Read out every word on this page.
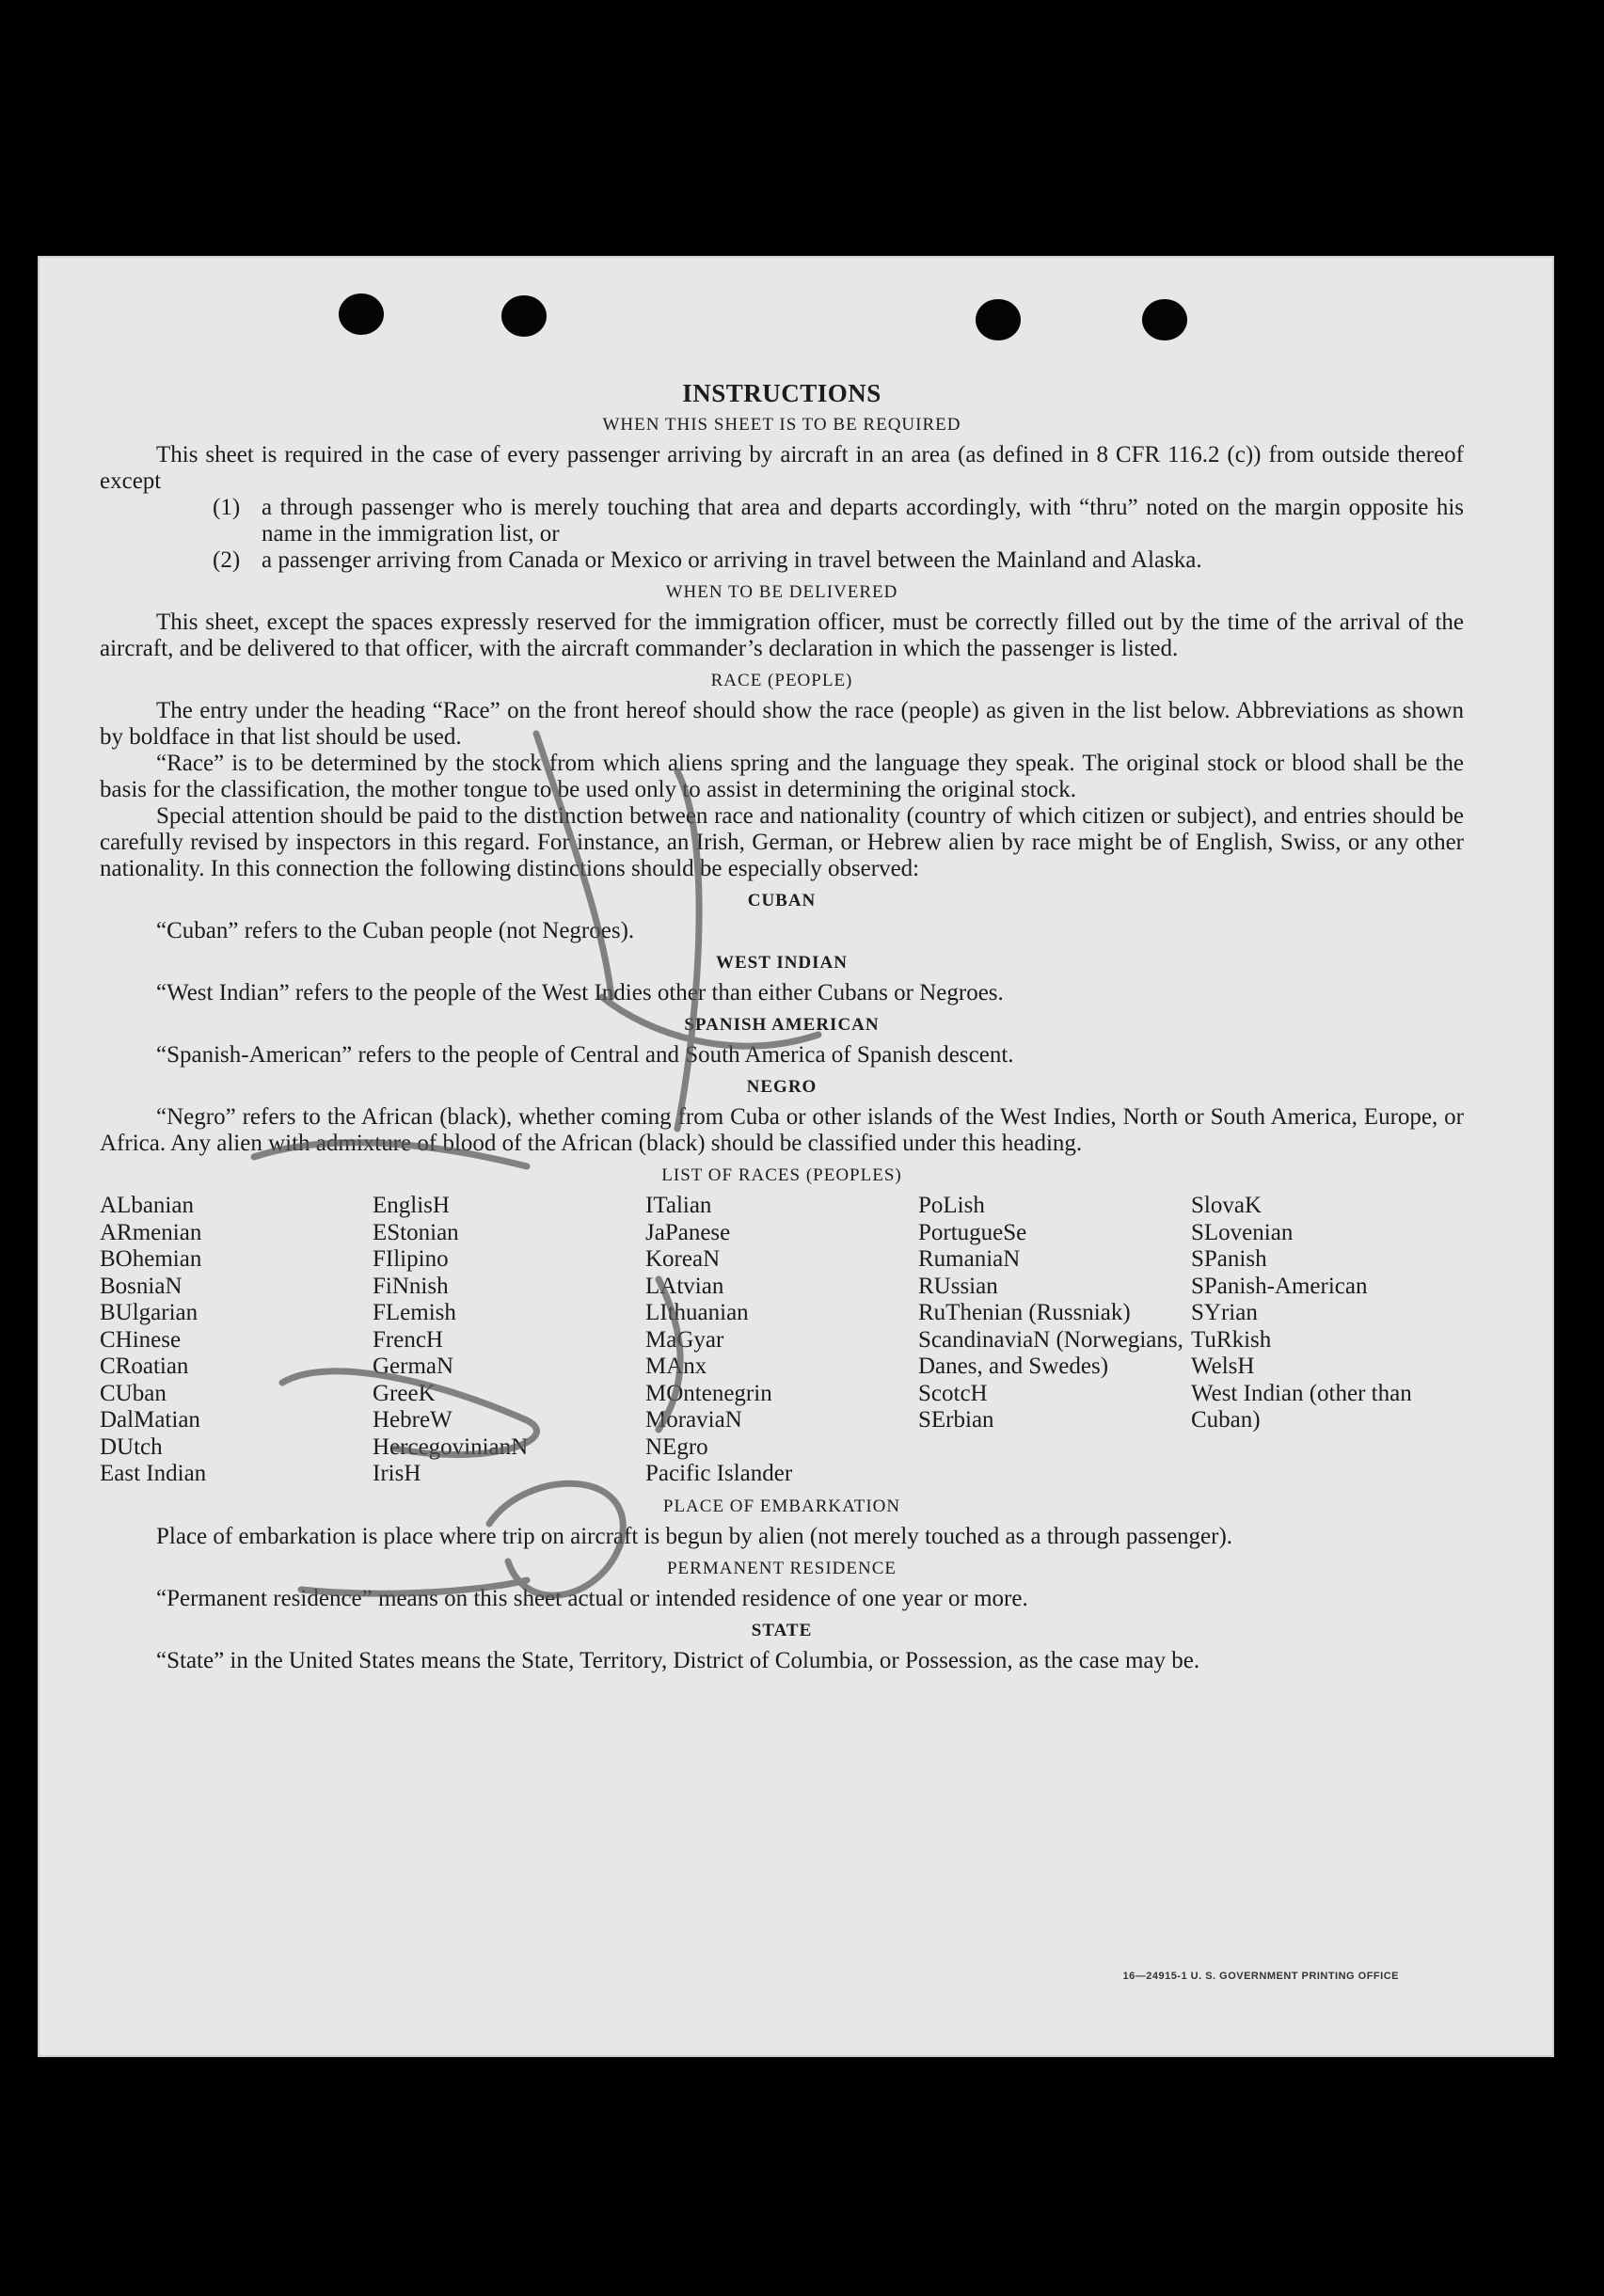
INSTRUCTIONS
WHEN THIS SHEET IS TO BE REQUIRED

This sheet is required in the case of every passenger arriving by aircraft in an area (as defined in 8 CFR 116.2 (c)) from outside thereof except

(1) a through passenger who is merely touching that area and departs accordingly, with “thru” noted on the margin opposite his name in the immigration list, or
(2) a passenger arriving from Canada or Mexico or arriving in travel between the Mainland and Alaska.
WHEN TO BE DELIVERED

This sheet, except the spaces expressly reserved for the immigration officer, must be correctly filled out by the time of the arrival of the aircraft, and be delivered to that officer, with the aircraft commander’s declaration in which the passenger is listed.

RACE (PEOPLE)

The entry under the heading “Race” on the front hereof should show the race (people) as given in the list below. Abbreviations as shown by boldface in that list should be used.

“Race” is to be determined by the stock from which aliens spring and the language they speak. The original stock or blood shall be the basis for the classification, the mother tongue to be used only to assist in determining the original stock.

Special attention should be paid to the distinction between race and nationality (country of which citizen or subject), and entries should be carefully revised by inspectors in this regard. For instance, an Irish, German, or Hebrew alien by race might be of English, Swiss, or any other nationality. In this connection the following distinctions should be especially observed:

CUBAN

“Cuban” refers to the Cuban people (not Negroes).

WEST INDIAN

“West Indian” refers to the people of the West Indies other than either Cubans or Negroes.

SPANISH AMERICAN

“Spanish-American” refers to the people of Central and South America of Spanish descent.

NEGRO

“Negro” refers to the African (black), whether coming from Cuba or other islands of the West Indies, North or South America, Europe, or Africa. Any alien with admixture of blood of the African (black) should be classified under this heading.

LIST OF RACES (PEOPLES)
ALbanian
ARmenian
BOhemian
BosniaN
BUlgarian
CHinese
CRoatian
CUban
DalMatian
DUtch
East Indian
EnglisH
EStonian
FIlipino
FiNnish
FLemish
FrencH
GermaN
GreeK
HebreW
HercegovinianN
IrisH
ITalian
JaPanese
KoreaN
LAtvian
LIthuanian
MaGyar
MAnx
MOntenegrin
MoraviaN
NEgro
Pacific Islander
PoLish
PortugueSe
RumaniaN
RUssian
RuThenian (Russniak)
ScandinaviaN (Norwegians, Danes, and Swedes)
ScotcH
SErbian
SlovaK
SLovenian
SPanish
SPanish-American
SYrian
TuRkish
WelsH
West Indian (other than Cuban)
PLACE OF EMBARKATION

Place of embarkation is place where trip on aircraft is begun by alien (not merely touched as a through passenger).

PERMANENT RESIDENCE

“Permanent residence” means on this sheet actual or intended residence of one year or more.

STATE

“State” in the United States means the State, Territory, District of Columbia, or Possession, as the case may be.

16—24915-1 U. S. GOVERNMENT PRINTING OFFICE
